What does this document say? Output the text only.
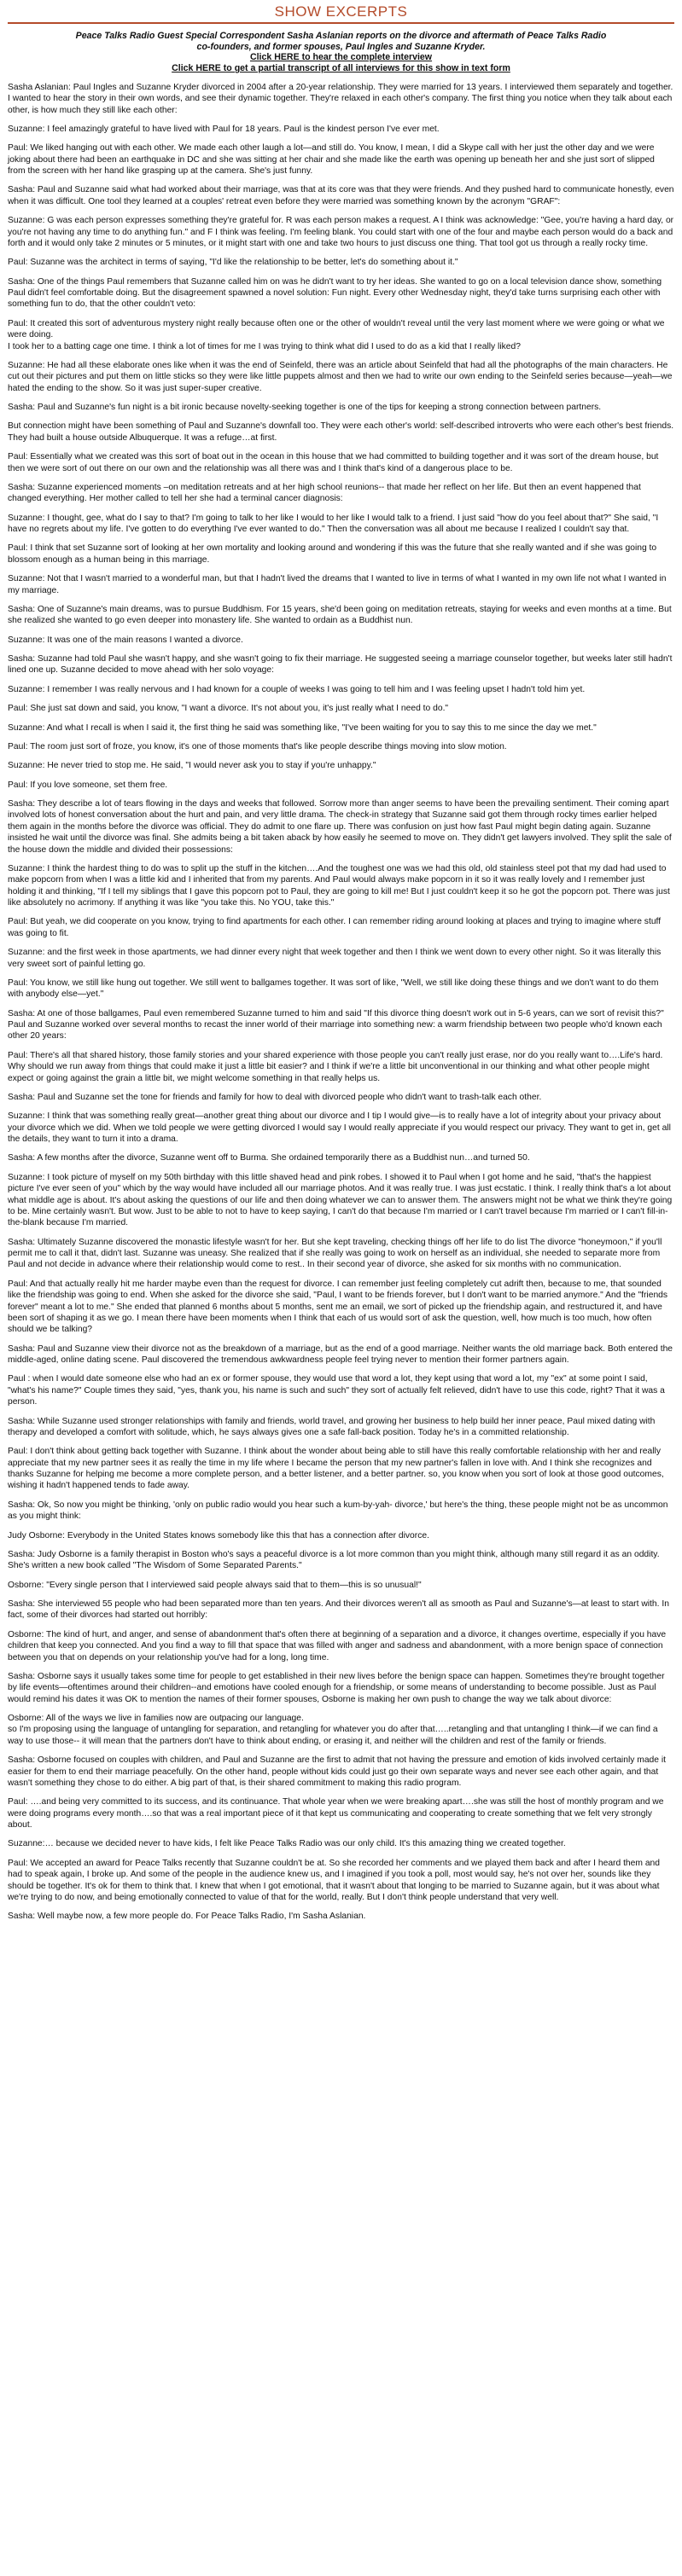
SHOW EXCERPTS
Peace Talks Radio Guest Special Correspondent Sasha Aslanian reports on the divorce and aftermath of Peace Talks Radio
co-founders, and former spouses, Paul Ingles and Suzanne Kryder.
Click HERE to hear the complete interview
Click HERE to get a partial transcript of all interviews for this show in text form

Sasha Aslanian: Paul Ingles and Suzanne Kryder divorced in 2004 after a 20-year relationship. They were married for 13 years. I interviewed them separately and together. I wanted to hear the story in their own words, and see their dynamic together. They're relaxed in each other's company. The first thing you notice when they talk about each other, is how much they still like each other:

Suzanne: I feel amazingly grateful to have lived with Paul for 18 years. Paul is the kindest person I've ever met.

Paul: We liked hanging out with each other. We made each other laugh a lot—and still do. You know, I mean, I did a Skype call with her just the other day and we were joking about there had been an earthquake in DC and she was sitting at her chair and she made like the earth was opening up beneath her and she just sort of slipped from the screen with her hand like grasping up at the camera. She's just funny.

Sasha: Paul and Suzanne said what had worked about their marriage, was that at its core was that they were friends. And they pushed hard to communicate honestly, even when it was difficult. One tool they learned at a couples' retreat even before they were married was something known by the acronym "GRAF":

Suzanne: G was each person expresses something they're grateful for. R was each person makes a request. A I think was acknowledge: "Gee, you're having a hard day, or you're not having any time to do anything fun." and F I think was feeling. I'm feeling blank. You could start with one of the four and maybe each person would do a back and forth and it would only take 2 minutes or 5 minutes, or it might start with one and take two hours to just discuss one thing. That tool got us through a really rocky time.

Paul: Suzanne was the architect in terms of saying, "I'd like the relationship to be better, let's do something about it."

Sasha: One of the things Paul remembers that Suzanne called him on was he didn't want to try her ideas. She wanted to go on a local television dance show, something Paul didn't feel comfortable doing. But the disagreement spawned a novel solution: Fun night. Every other Wednesday night, they'd take turns surprising each other with something fun to do, that the other couldn't veto:

Paul: It created this sort of adventurous mystery night really because often one or the other of wouldn't reveal until the very last moment where we were going or what we were doing.
I took her to a batting cage one time. I think a lot of times for me I was trying to think what did I used to do as a kid that I really liked?

Suzanne: He had all these elaborate ones like when it was the end of Seinfeld, there was an article about Seinfeld that had all the photographs of the main characters. He cut out their pictures and put them on little sticks so they were like little puppets almost and then we had to write our own ending to the Seinfeld series because—yeah—we hated the ending to the show. So it was just super-super creative.

Sasha: Paul and Suzanne's fun night is a bit ironic because novelty-seeking together is one of the tips for keeping a strong connection between partners.

But connection might have been something of Paul and Suzanne's downfall too. They were each other's world: self-described introverts who were each other's best friends. They had built a house outside Albuquerque. It was a refuge…at first.

Paul: Essentially what we created was this sort of boat out in the ocean in this house that we had committed to building together and it was sort of the dream house, but then we were sort of out there on our own and the relationship was all there was and I think that's kind of a dangerous place to be.

Sasha: Suzanne experienced moments –on meditation retreats and at her high school reunions-- that made her reflect on her life. But then an event happened that changed everything. Her mother called to tell her she had a terminal cancer diagnosis:

Suzanne: I thought, gee, what do I say to that? I'm going to talk to her like I would to her like I would talk to a friend. I just said "how do you feel about that?" She said, "I have no regrets about my life. I've gotten to do everything I've ever wanted to do." Then the conversation was all about me because I realized I couldn't say that.

Paul: I think that set Suzanne sort of looking at her own mortality and looking around and wondering if this was the future that she really wanted and if she was going to blossom enough as a human being in this marriage.

Suzanne: Not that I wasn't married to a wonderful man, but that I hadn't lived the dreams that I wanted to live in terms of what I wanted in my own life not what I wanted in my marriage.

Sasha: One of Suzanne's main dreams, was to pursue Buddhism. For 15 years, she'd been going on meditation retreats, staying for weeks and even months at a time. But she realized she wanted to go even deeper into monastery life. She wanted to ordain as a Buddhist nun.

Suzanne: It was one of the main reasons I wanted a divorce.

Sasha: Suzanne had told Paul she wasn't happy, and she wasn't going to fix their marriage. He suggested seeing a marriage counselor together, but weeks later still hadn't lined one up. Suzanne decided to move ahead with her solo voyage:

Suzanne: I remember I was really nervous and I had known for a couple of weeks I was going to tell him and I was feeling upset I hadn't told him yet.

Paul: She just sat down and said, you know, "I want a divorce. It's not about you, it's just really what I need to do."

Suzanne: And what I recall is when I said it, the first thing he said was something like, "I've been waiting for you to say this to me since the day we met."

Paul: The room just sort of froze, you know, it's one of those moments that's like people describe things moving into slow motion.

Suzanne: He never tried to stop me. He said, "I would never ask you to stay if you're unhappy."

Paul: If you love someone, set them free.

Sasha: They describe a lot of tears flowing in the days and weeks that followed. Sorrow more than anger seems to have been the prevailing sentiment. Their coming apart involved lots of honest conversation about the hurt and pain, and very little drama. The check-in strategy that Suzanne said got them through rocky times earlier helped them again in the months before the divorce was official. They do admit to one flare up. There was confusion on just how fast Paul might begin dating again. Suzanne insisted he wait until the divorce was final. She admits being a bit taken aback by how easily he seemed to move on. They didn't get lawyers involved. They split the sale of the house down the middle and divided their possessions:

Suzanne: I think the hardest thing to do was to split up the stuff in the kitchen….And the toughest one was we had this old, old stainless steel pot that my dad had used to make popcorn from when I was a little kid and I inherited that from my parents. And Paul would always make popcorn in it so it was really lovely and I remember just holding it and thinking, "If I tell my siblings that I gave this popcorn pot to Paul, they are going to kill me! But I just couldn't keep it so he got the popcorn pot. There was just like absolutely no acrimony. If anything it was like "you take this. No YOU, take this."

Paul: But yeah, we did cooperate on you know, trying to find apartments for each other. I can remember riding around looking at places and trying to imagine where stuff was going to fit.

Suzanne: and the first week in those apartments, we had dinner every night that week together and then I think we went down to every other night. So it was literally this very sweet sort of painful letting go.

Paul: You know, we still like hung out together. We still went to ballgames together. It was sort of like, "Well, we still like doing these things and we don't want to do them with anybody else—yet."

Sasha: At one of those ballgames, Paul even remembered Suzanne turned to him and said "If this divorce thing doesn't work out in 5-6 years, can we sort of revisit this?" Paul and Suzanne worked over several months to recast the inner world of their marriage into something new: a warm friendship between two people who'd known each other 20 years:

Paul: There's all that shared history, those family stories and your shared experience with those people you can't really just erase, nor do you really want to….Life's hard. Why should we run away from things that could make it just a little bit easier? and I think if we're a little bit unconventional in our thinking and what other people might expect or going against the grain a little bit, we might welcome something in that really helps us.

Sasha: Paul and Suzanne set the tone for friends and family for how to deal with divorced people who didn't want to trash-talk each other.

Suzanne: I think that was something really great—another great thing about our divorce and I tip I would give—is to really have a lot of integrity about your privacy about your divorce which we did. When we told people we were getting divorced I would say I would really appreciate if you would respect our privacy. They want to get in, get all the details, they want to turn it into a drama.

Sasha: A few months after the divorce, Suzanne went off to Burma. She ordained temporarily there as a Buddhist nun…and turned 50.

Suzanne: I took picture of myself on my 50th birthday with this little shaved head and pink robes. I showed it to Paul when I got home and he said, "that's the happiest picture I've ever seen of you" which by the way would have included all our marriage photos. And it was really true. I was just ecstatic. I think. I really think that's a lot about what middle age is about. It's about asking the questions of our life and then doing whatever we can to answer them. The answers might not be what we think they're going to be. Mine certainly wasn't. But wow. Just to be able to not to have to keep saying, I can't do that because I'm married or I can't travel because I'm married or I can't fill-in-the-blank because I'm married.

Sasha: Ultimately Suzanne discovered the monastic lifestyle wasn't for her. But she kept traveling, checking things off her life to do list The divorce "honeymoon," if you'll permit me to call it that, didn't last. Suzanne was uneasy. She realized that if she really was going to work on herself as an individual, she needed to separate more from Paul and not decide in advance where their relationship would come to rest.. In their second year of divorce, she asked for six months with no communication.

Paul: And that actually really hit me harder maybe even than the request for divorce. I can remember just feeling completely cut adrift then, because to me, that sounded like the friendship was going to end. When she asked for the divorce she said, "Paul, I want to be friends forever, but I don't want to be married anymore." And the "friends forever" meant a lot to me." She ended that planned 6 months about 5 months, sent me an email, we sort of picked up the friendship again, and restructured it, and have been sort of shaping it as we go. I mean there have been moments when I think that each of us would sort of ask the question, well, how much is too much, how often should we be talking?

Sasha: Paul and Suzanne view their divorce not as the breakdown of a marriage, but as the end of a good marriage. Neither wants the old marriage back. Both entered the middle-aged, online dating scene. Paul discovered the tremendous awkwardness people feel trying never to mention their former partners again.

Paul : when I would date someone else who had an ex or former spouse, they would use that word a lot, they kept using that word a lot, my "ex" at some point I said, "what's his name?" Couple times they said, "yes, thank you, his name is such and such" they sort of actually felt relieved, didn't have to use this code, right? That it was a person.

Sasha: While Suzanne used stronger relationships with family and friends, world travel, and growing her business to help build her inner peace, Paul mixed dating with therapy and developed a comfort with solitude, which, he says always gives one a safe fall-back position. Today he's in a committed relationship.

Paul: I don't think about getting back together with Suzanne. I think about the wonder about being able to still have this really comfortable relationship with her and really appreciate that my new partner sees it as really the time in my life where I became the person that my new partner's fallen in love with. And I think she recognizes and thanks Suzanne for helping me become a more complete person, and a better listener, and a better partner. so, you know when you sort of look at those good outcomes, wishing it hadn't happened tends to fade away.

Sasha: Ok, So now you might be thinking, 'only on public radio would you hear such a kum-by-yah- divorce,' but here's the thing, these people might not be as uncommon as you might think:

Judy Osborne: Everybody in the United States knows somebody like this that has a connection after divorce.

Sasha: Judy Osborne is a family therapist in Boston who's says a peaceful divorce is a lot more common than you might think, although many still regard it as an oddity. She's written a new book called "The Wisdom of Some Separated Parents."

Osborne: "Every single person that I interviewed said people always said that to them—this is so unusual!"

Sasha: She interviewed 55 people who had been separated more than ten years. And their divorces weren't all as smooth as Paul and Suzanne's—at least to start with. In fact, some of their divorces had started out horribly:

Osborne: The kind of hurt, and anger, and sense of abandonment that's often there at beginning of a separation and a divorce, it changes overtime, especially if you have children that keep you connected. And you find a way to fill that space that was filled with anger and sadness and abandonment, with a more benign space of connection between you that on depends on your relationship you've had for a long, long time.

Sasha: Osborne says it usually takes some time for people to get established in their new lives before the benign space can happen. Sometimes they're brought together by life events—oftentimes around their children--and emotions have cooled enough for a friendship, or some means of understanding to become possible. Just as Paul would remind his dates it was OK to mention the names of their former spouses, Osborne is making her own push to change the way we talk about divorce:

Osborne: All of the ways we live in families now are outpacing our language.
so I'm proposing using the language of untangling for separation, and retangling for whatever you do after that…..retangling and that untangling I think—if we can find a way to use those-- it will mean that the partners don't have to think about ending, or erasing it, and neither will the children and rest of the family or friends.

Sasha: Osborne focused on couples with children, and Paul and Suzanne are the first to admit that not having the pressure and emotion of kids involved certainly made it easier for them to end their marriage peacefully. On the other hand, people without kids could just go their own separate ways and never see each other again, and that wasn't something they chose to do either. A big part of that, is their shared commitment to making this radio program.

Paul: ….and being very committed to its success, and its continuance. That whole year when we were breaking apart….she was still the host of monthly program and we were doing programs every month….so that was a real important piece of it that kept us communicating and cooperating to create something that we felt very strongly about.

Suzanne:… because we decided never to have kids, I felt like Peace Talks Radio was our only child. It's this amazing thing we created together.

Paul: We accepted an award for Peace Talks recently that Suzanne couldn't be at. So she recorded her comments and we played them back and after I heard them and had to speak again, I broke up. And some of the people in the audience knew us, and I imagined if you took a poll, most would say, he's not over her, sounds like they should be together. It's ok for them to think that. I knew that when I got emotional, that it wasn't about that longing to be married to Suzanne again, but it was about what we're trying to do now, and being emotionally connected to value of that for the world, really. But I don't think people understand that very well.

Sasha: Well maybe now, a few more people do. For Peace Talks Radio, I'm Sasha Aslanian.
